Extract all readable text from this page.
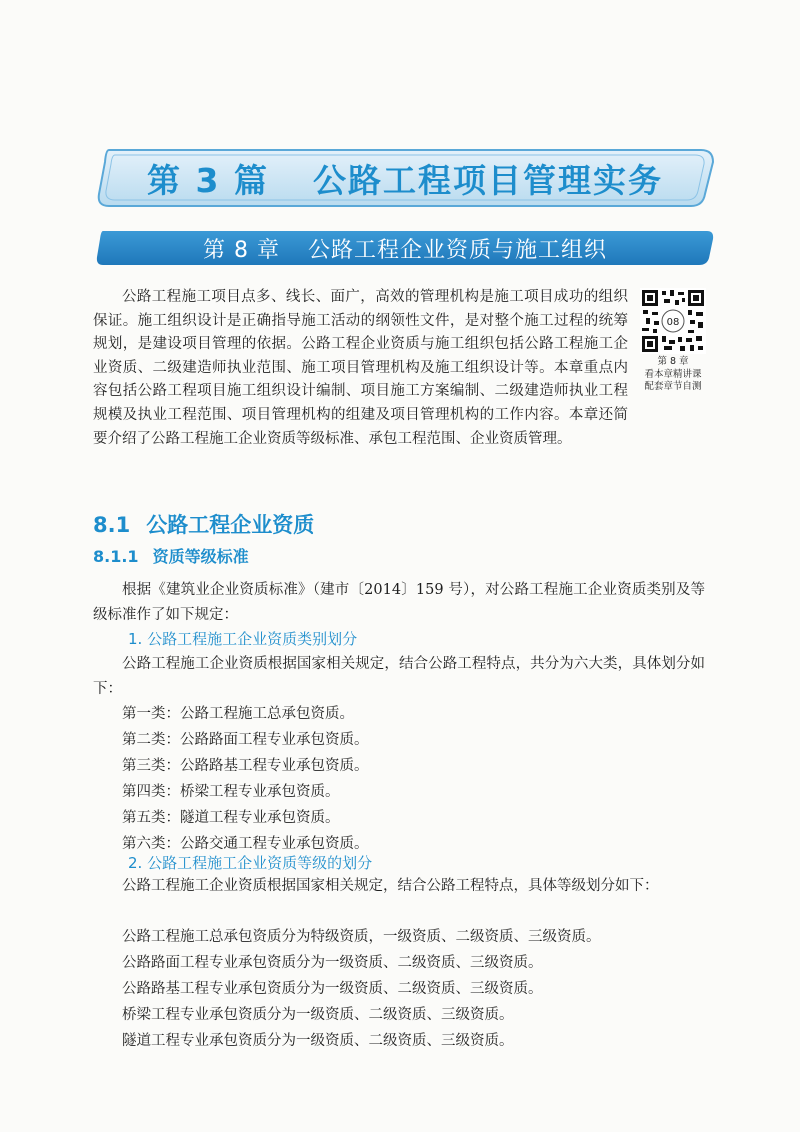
第 3 篇 公路工程项目管理实务
第 8 章 公路工程企业资质与施工组织

公路工程施工项目点多、线长、面广，高效的管理机构是施工项目成功的组织保证。施工组织设计是正确指导施工活动的纲领性文件，是对整个施工过程的统筹规划，是建设项目管理的依据。公路工程企业资质与施工组织包括公路工程施工企业资质、二级建造师执业范围、施工项目管理机构及施工组织设计等。本章重点内容包括公路工程项目施工组织设计编制、项目施工方案编制、二级建造师执业工程规模及执业工程范围、项目管理机构的组建及项目管理机构的工作内容。本章还简要介绍了公路工程施工企业资质等级标准、承包工程范围、企业资质管理。

08
第 8 章
看本章精讲课
配套章节自测
8.1 公路工程企业资质
8.1.1 资质等级标准

根据《建筑业企业资质标准》（建市〔2014〕159 号），对公路工程施工企业资质类别及等级标准作了如下规定：

1. 公路工程施工企业资质类别划分

公路工程施工企业资质根据国家相关规定，结合公路工程特点，共分为六大类，具体划分如下：

第一类：公路工程施工总承包资质。

第二类：公路路面工程专业承包资质。

第三类：公路路基工程专业承包资质。

第四类：桥梁工程专业承包资质。

第五类：隧道工程专业承包资质。

第六类：公路交通工程专业承包资质。

2. 公路工程施工企业资质等级的划分

公路工程施工企业资质根据国家相关规定，结合公路工程特点，具体等级划分如下：

公路工程施工总承包资质分为特级资质，一级资质、二级资质、三级资质。

公路路面工程专业承包资质分为一级资质、二级资质、三级资质。

公路路基工程专业承包资质分为一级资质、二级资质、三级资质。

桥梁工程专业承包资质分为一级资质、二级资质、三级资质。

隧道工程专业承包资质分为一级资质、二级资质、三级资质。
